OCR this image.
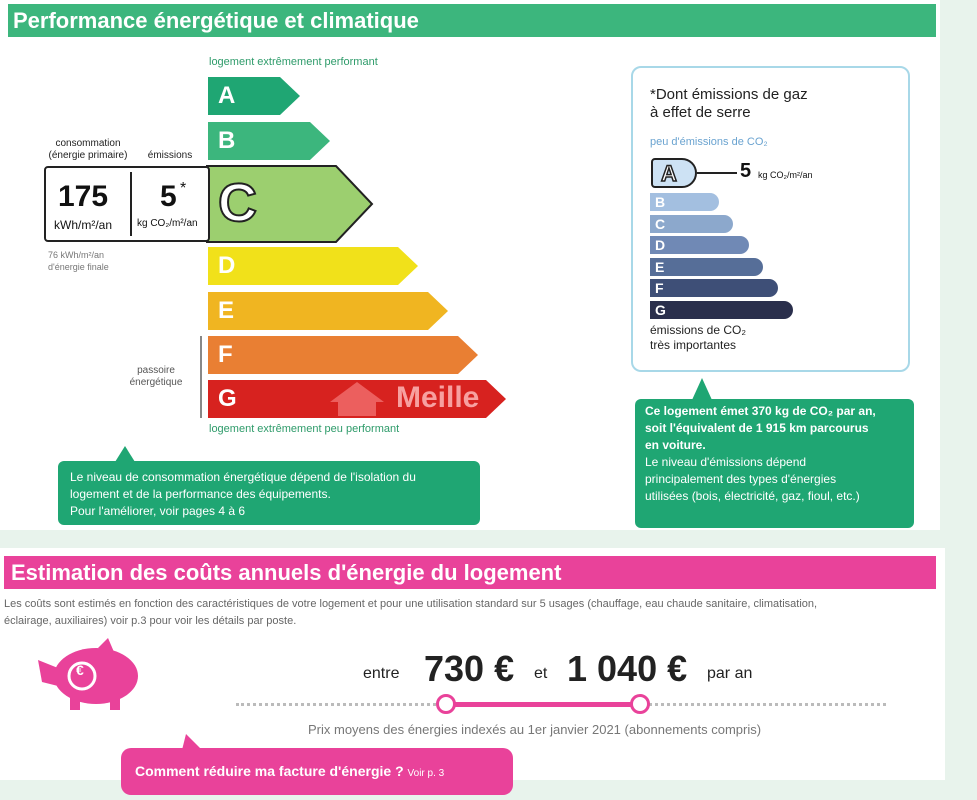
Performance énergétique et climatique
logement extrêmement performant
A
B
D
E
F
G
C
passoire
énergétique
logement extrêmement peu performant
consommation
(énergie primaire)	émissions
175
kWh/m²/an
5 *
kg CO₂/m²/an
76 kWh/m²/an
d'énergie finale
Meille
Le niveau de consommation énergétique dépend de l'isolation du
logement et de la performance des équipements.
Pour l'améliorer, voir pages 4 à 6
*Dont émissions de gaz
à effet de serre
peu d'émissions de CO₂
A	5 kg CO₂/m²/an
B
C
D
E
F
G
émissions de CO₂
très importantes
Ce logement émet 370 kg de CO₂ par an,
soit l'équivalent de 1 915 km parcourus
en voiture.
Le niveau d'émissions dépend
principalement des types d'énergies
utilisées (bois, électricité, gaz, fioul, etc.)
Estimation des coûts annuels d'énergie du logement
Les coûts sont estimés en fonction des caractéristiques de votre logement et pour une utilisation standard sur 5 usages (chauffage, eau chaude sanitaire, climatisation,
éclairage, auxiliaires) voir p.3 pour voir les détails par poste.
€	entre 730 € et 1 040 € par an
Prix moyens des énergies indexés au 1er janvier 2021 (abonnements compris)
Comment réduire ma facture d'énergie ? Voir p. 3
